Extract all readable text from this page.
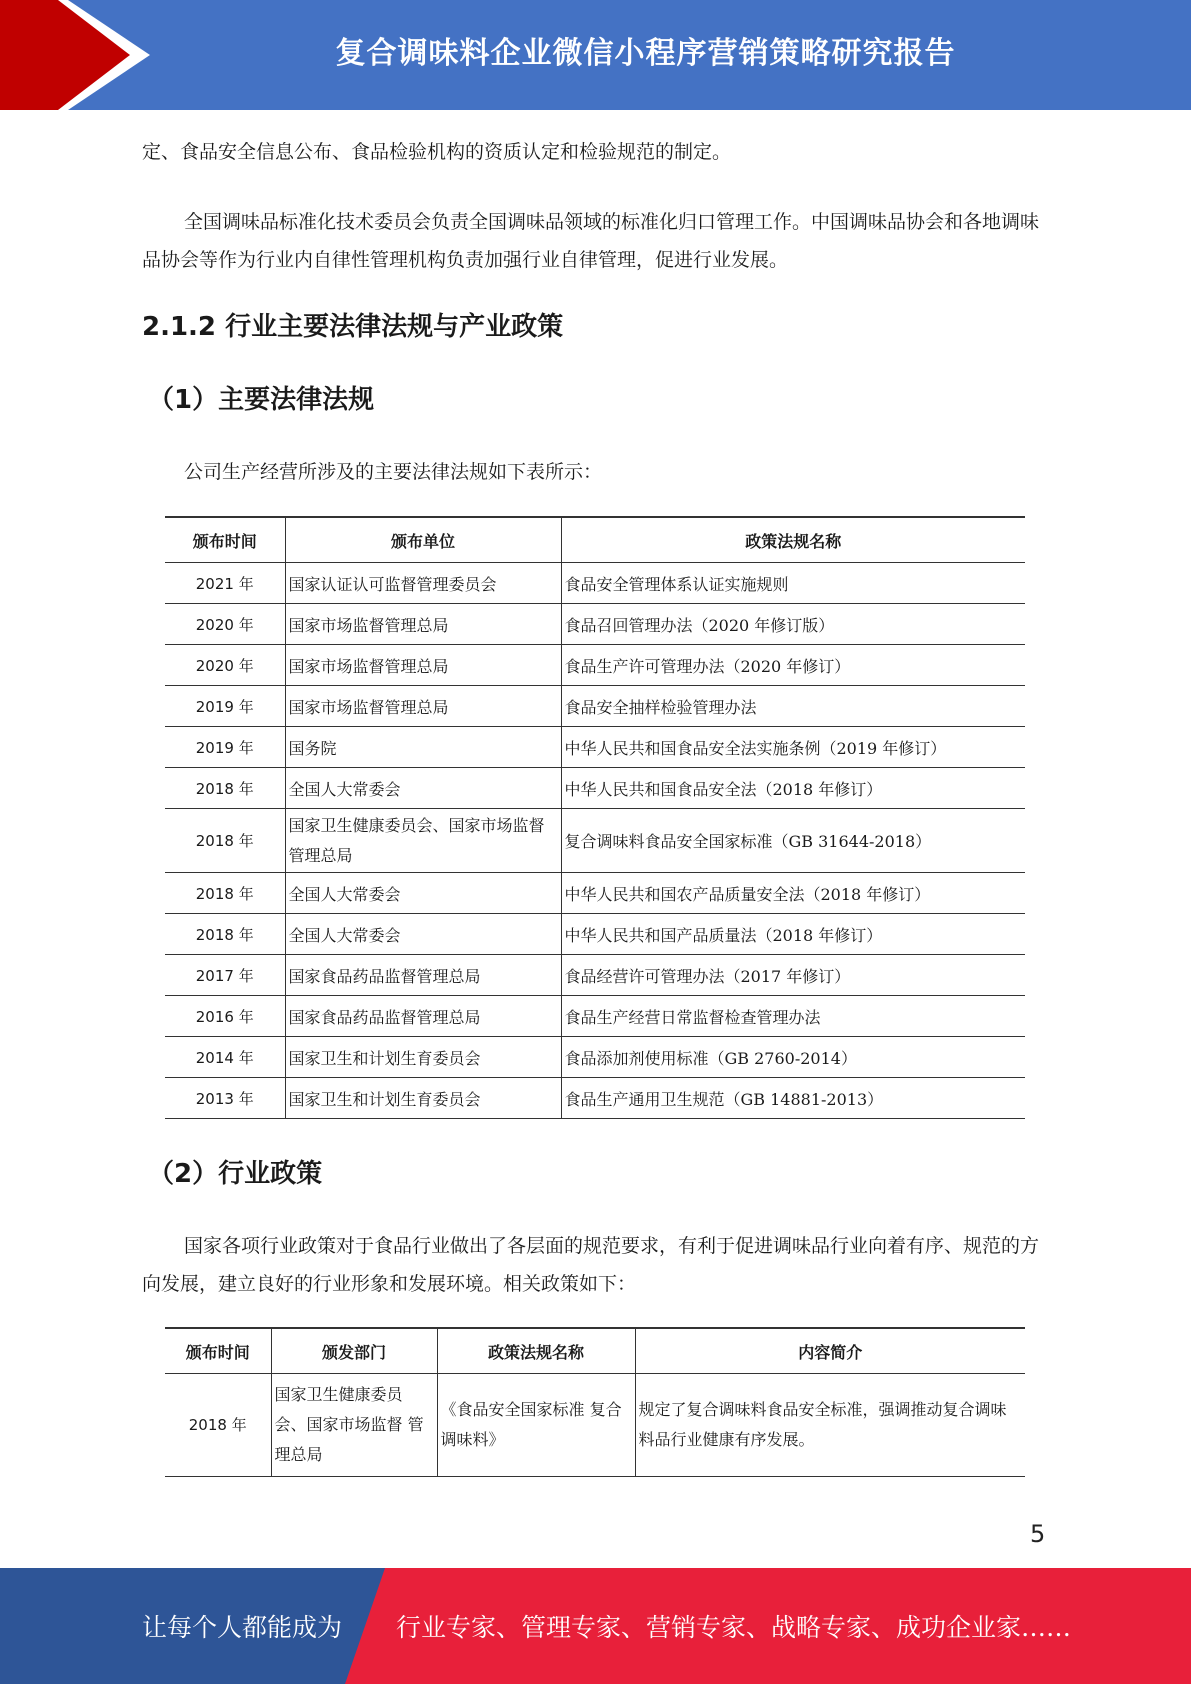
复合调味料企业微信小程序营销策略研究报告

定、食品安全信息公布、食品检验机构的资质认定和检验规范的制定。

全国调味品标准化技术委员会负责全国调味品领域的标准化归口管理工作。中国调味品协会和各地调味品协会等作为行业内自律性管理机构负责加强行业自律管理，促进行业发展。

2.1.2 行业主要法律法规与产业政策
（1）主要法律法规

公司生产经营所涉及的主要法律法规如下表所示：

颁布时间	颁布单位	政策法规名称
2021 年	国家认证认可监督管理委员会	食品安全管理体系认证实施规则
2020 年	国家市场监督管理总局	食品召回管理办法（2020 年修订版）
2020 年	国家市场监督管理总局	食品生产许可管理办法（2020 年修订）
2019 年	国家市场监督管理总局	食品安全抽样检验管理办法
2019 年	国务院	中华人民共和国食品安全法实施条例（2019 年修订）
2018 年	全国人大常委会	中华人民共和国食品安全法（2018 年修订）
2018 年	国家卫生健康委员会、国家市场监督管理总局	复合调味料食品安全国家标准（GB 31644-2018）
2018 年	全国人大常委会	中华人民共和国农产品质量安全法（2018 年修订）
2018 年	全国人大常委会	中华人民共和国产品质量法（2018 年修订）
2017 年	国家食品药品监督管理总局	食品经营许可管理办法（2017 年修订）
2016 年	国家食品药品监督管理总局	食品生产经营日常监督检查管理办法
2014 年	国家卫生和计划生育委员会	食品添加剂使用标准（GB 2760-2014）
2013 年	国家卫生和计划生育委员会	食品生产通用卫生规范（GB 14881-2013）
（2）行业政策

国家各项行业政策对于食品行业做出了各层面的规范要求，有利于促进调味品行业向着有序、规范的方向发展，建立良好的行业形象和发展环境。相关政策如下：

颁布时间	颁发部门	政策法规名称	内容简介
2018 年	国家卫生健康委员会、国家市场监督 管理总局	《食品安全国家标准 复合调味料》	规定了复合调味料食品安全标准，强调推动复合调味料品行业健康有序发展。
5
让每个人都能成为 行业专家、管理专家、营销专家、战略专家、成功企业家……
